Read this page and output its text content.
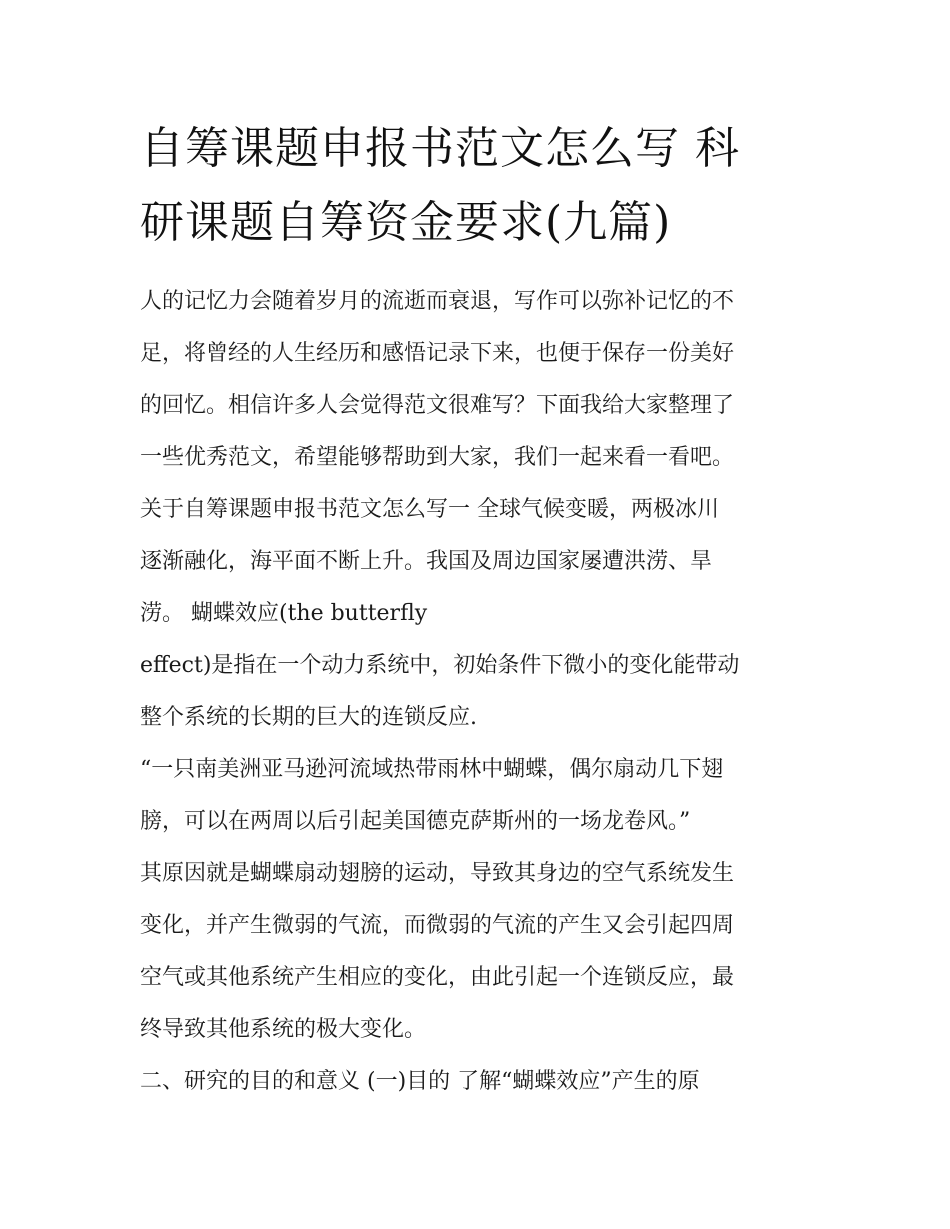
自筹课题申报书范文怎么写 科
研课题自筹资金要求(九篇)

人的记忆力会随着岁月的流逝而衰退，写作可以弥补记忆的不

足，将曾经的人生经历和感悟记录下来，也便于保存一份美好

的回忆。相信许多人会觉得范文很难写？下面我给大家整理了

一些优秀范文，希望能够帮助到大家，我们一起来看一看吧。

关于自筹课题申报书范文怎么写一 全球气候变暖，两极冰川

逐渐融化，海平面不断上升。我国及周边国家屡遭洪涝、旱

涝。 蝴蝶效应(the butterfly

effect)是指在一个动力系统中，初始条件下微小的变化能带动

整个系统的长期的巨大的连锁反应.

“一只南美洲亚马逊河流域热带雨林中蝴蝶，偶尔扇动几下翅

膀，可以在两周以后引起美国德克萨斯州的一场龙卷风。”

其原因就是蝴蝶扇动翅膀的运动，导致其身边的空气系统发生

变化，并产生微弱的气流，而微弱的气流的产生又会引起四周

空气或其他系统产生相应的变化，由此引起一个连锁反应，最

终导致其他系统的极大变化。

二、研究的目的和意义 (一)目的 了解“蝴蝶效应”产生的原
